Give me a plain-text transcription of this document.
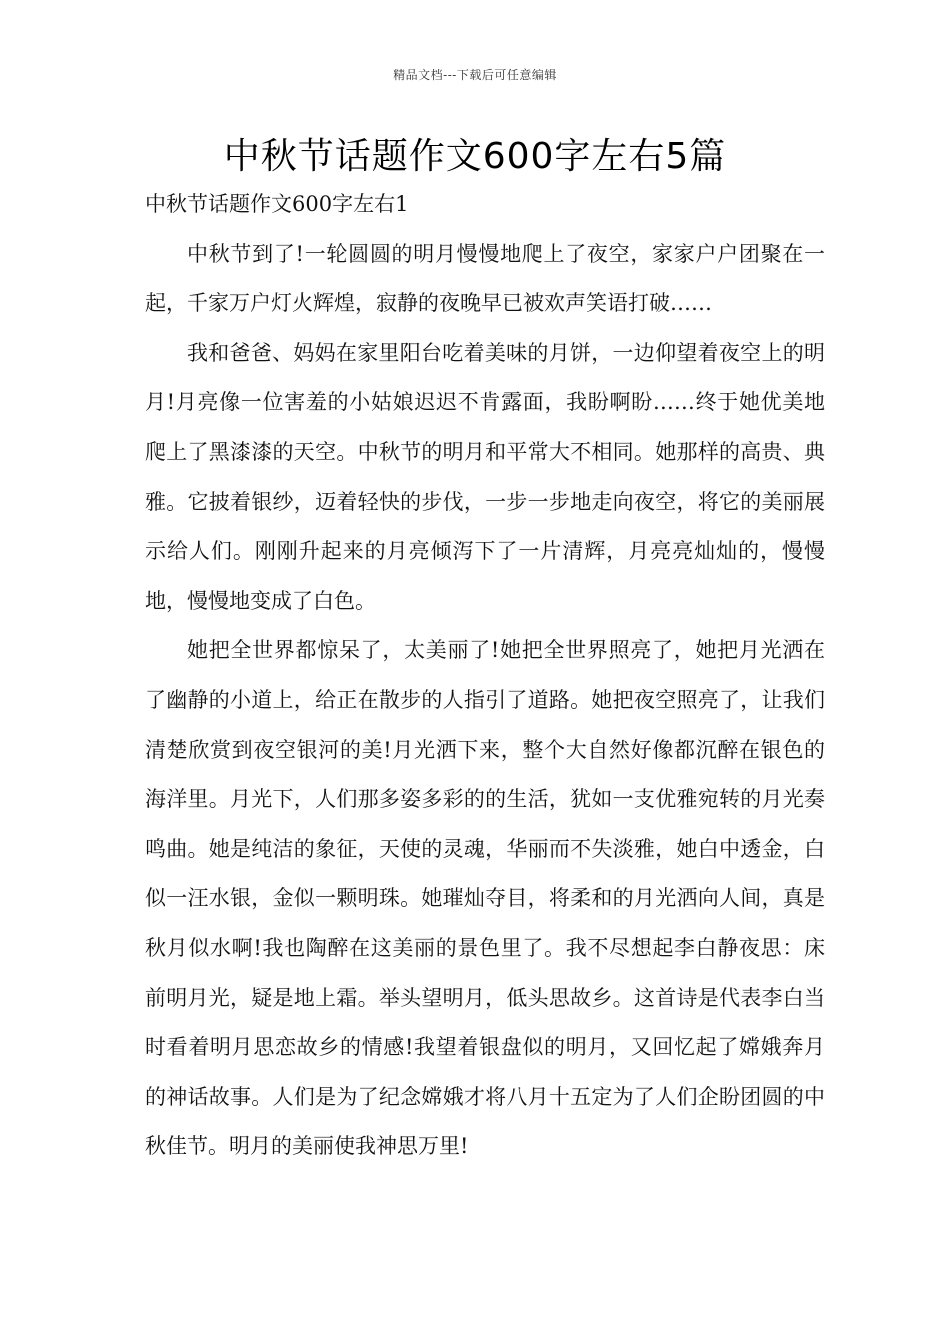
精品文档---下载后可任意编辑
中秋节话题作文600字左右5篇
中秋节话题作文600字左右1

中秋节到了!一轮圆圆的明月慢慢地爬上了夜空，家家户户团聚在一起，千家万户灯火辉煌，寂静的夜晚早已被欢声笑语打破……

我和爸爸、妈妈在家里阳台吃着美味的月饼，一边仰望着夜空上的明月!月亮像一位害羞的小姑娘迟迟不肯露面，我盼啊盼……终于她优美地爬上了黑漆漆的天空。中秋节的明月和平常大不相同。她那样的高贵、典雅。它披着银纱，迈着轻快的步伐，一步一步地走向夜空，将它的美丽展示给人们。刚刚升起来的月亮倾泻下了一片清辉，月亮亮灿灿的，慢慢地，慢慢地变成了白色。

她把全世界都惊呆了，太美丽了!她把全世界照亮了，她把月光洒在了幽静的小道上，给正在散步的人指引了道路。她把夜空照亮了，让我们清楚欣赏到夜空银河的美!月光洒下来，整个大自然好像都沉醉在银色的海洋里。月光下，人们那多姿多彩的的生活，犹如一支优雅宛转的月光奏鸣曲。她是纯洁的象征，天使的灵魂，华丽而不失淡雅，她白中透金，白似一汪水银，金似一颗明珠。她璀灿夺目，将柔和的月光洒向人间，真是秋月似水啊!我也陶醉在这美丽的景色里了。我不尽想起李白静夜思：床前明月光，疑是地上霜。举头望明月，低头思故乡。这首诗是代表李白当时看着明月思恋故乡的情感!我望着银盘似的明月，又回忆起了嫦娥奔月的神话故事。人们是为了纪念嫦娥才将八月十五定为了人们企盼团圆的中秋佳节。明月的美丽使我神思万里!
